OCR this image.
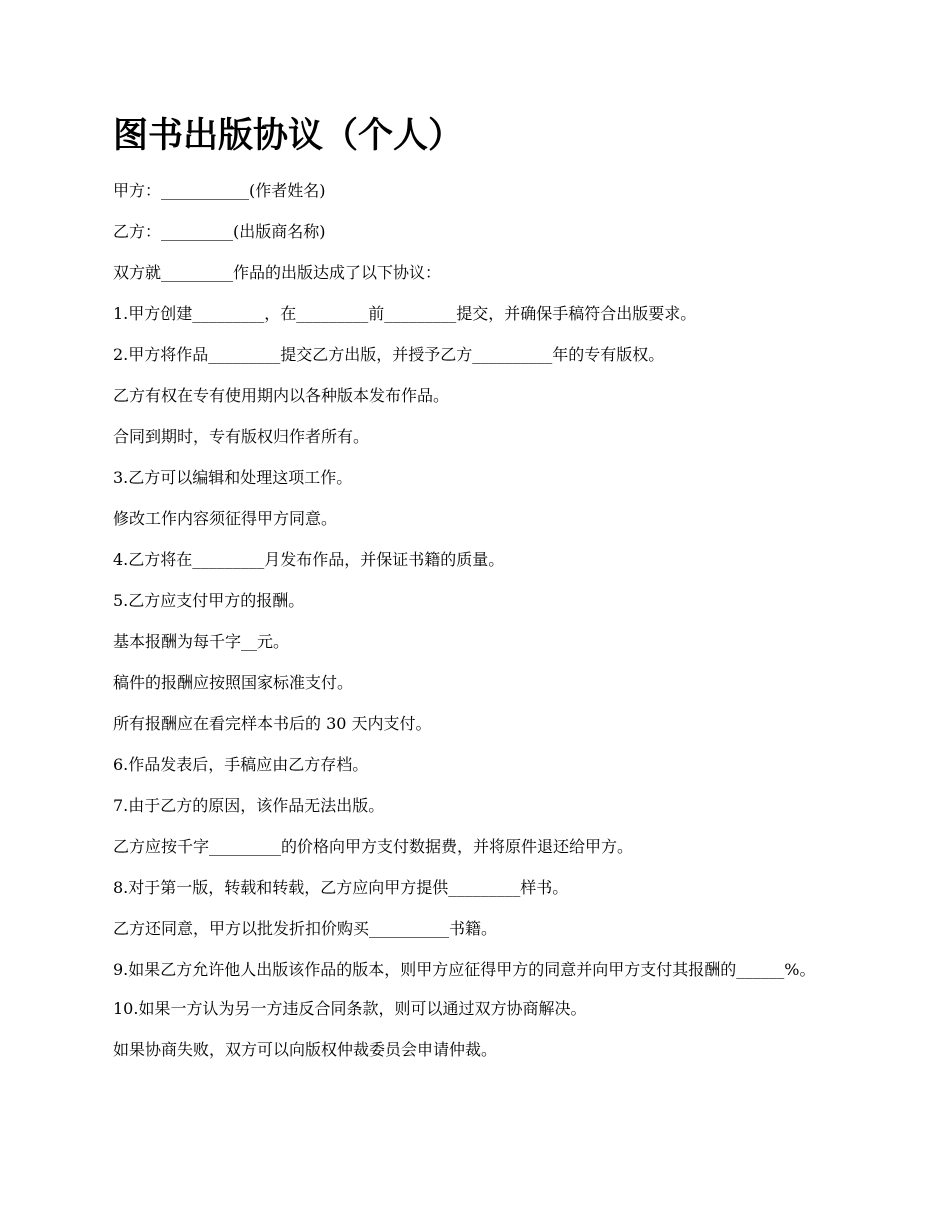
图书出版协议（个人）

甲方：___________(作者姓名)

乙方：_________(出版商名称)

双方就_________作品的出版达成了以下协议：

1.甲方创建_________，在_________前_________提交，并确保手稿符合出版要求。

2.甲方将作品_________提交乙方出版，并授予乙方__________年的专有版权。

乙方有权在专有使用期内以各种版本发布作品。

合同到期时，专有版权归作者所有。

3.乙方可以编辑和处理这项工作。

修改工作内容须征得甲方同意。

4.乙方将在_________月发布作品，并保证书籍的质量。

5.乙方应支付甲方的报酬。

基本报酬为每千字__元。

稿件的报酬应按照国家标准支付。

所有报酬应在看完样本书后的 30 天内支付。

6.作品发表后，手稿应由乙方存档。

7.由于乙方的原因，该作品无法出版。

乙方应按千字_________的价格向甲方支付数据费，并将原件退还给甲方。

8.对于第一版，转载和转载，乙方应向甲方提供_________样书。

乙方还同意，甲方以批发折扣价购买__________书籍。

9.如果乙方允许他人出版该作品的版本，则甲方应征得甲方的同意并向甲方支付其报酬的______%。

10.如果一方认为另一方违反合同条款，则可以通过双方协商解决。

如果协商失败，双方可以向版权仲裁委员会申请仲裁。
